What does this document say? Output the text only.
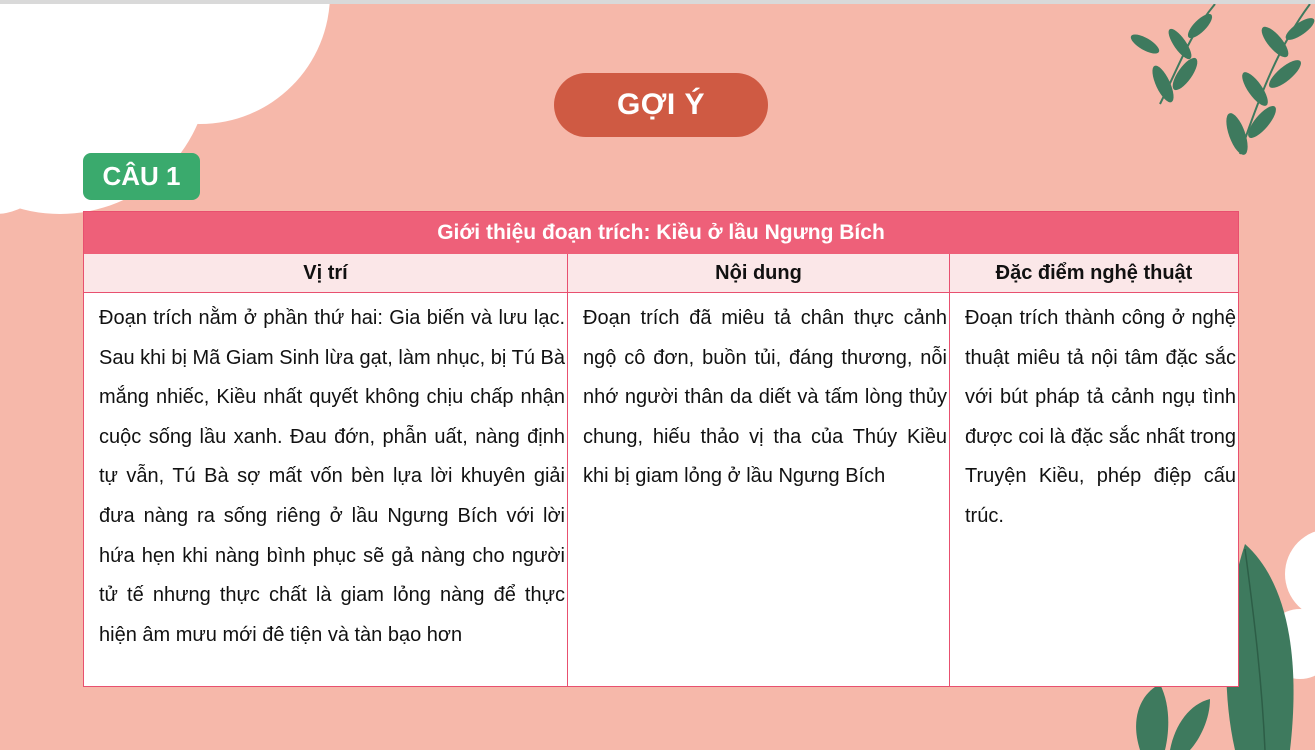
GỢI Ý
CÂU 1
Giới thiệu đoạn trích: Kiều ở lầu Ngưng Bích
Vị trí
Đoạn trích nằm ở phần thứ hai: Gia biến và lưu lạc. Sau khi bị Mã Giam Sinh lừa gạt, làm nhục, bị Tú Bà mắng nhiếc, Kiều nhất quyết không chịu chấp nhận cuộc sống lầu xanh. Đau đớn, phẫn uất, nàng định tự vẫn, Tú Bà sợ mất vốn bèn lựa lời khuyên giải đưa nàng ra sống riêng ở lầu Ngưng Bích với lời hứa hẹn khi nàng bình phục sẽ gả nàng cho người tử tế nhưng thực chất là giam lỏng nàng để thực hiện âm mưu mới đê tiện và tàn bạo hơn
Nội dung
Đoạn trích đã miêu tả chân thực cảnh ngộ cô đơn, buồn tủi, đáng thương, nỗi nhớ người thân da diết và tấm lòng thủy chung, hiếu thảo vị tha của Thúy Kiều khi bị giam lỏng ở lầu Ngưng Bích
Đặc điểm nghệ thuật
Đoạn trích thành công ở nghệ thuật miêu tả nội tâm đặc sắc với bút pháp tả cảnh ngụ tình được coi là đặc sắc nhất trong Truyện Kiều, phép điệp cấu trúc.
